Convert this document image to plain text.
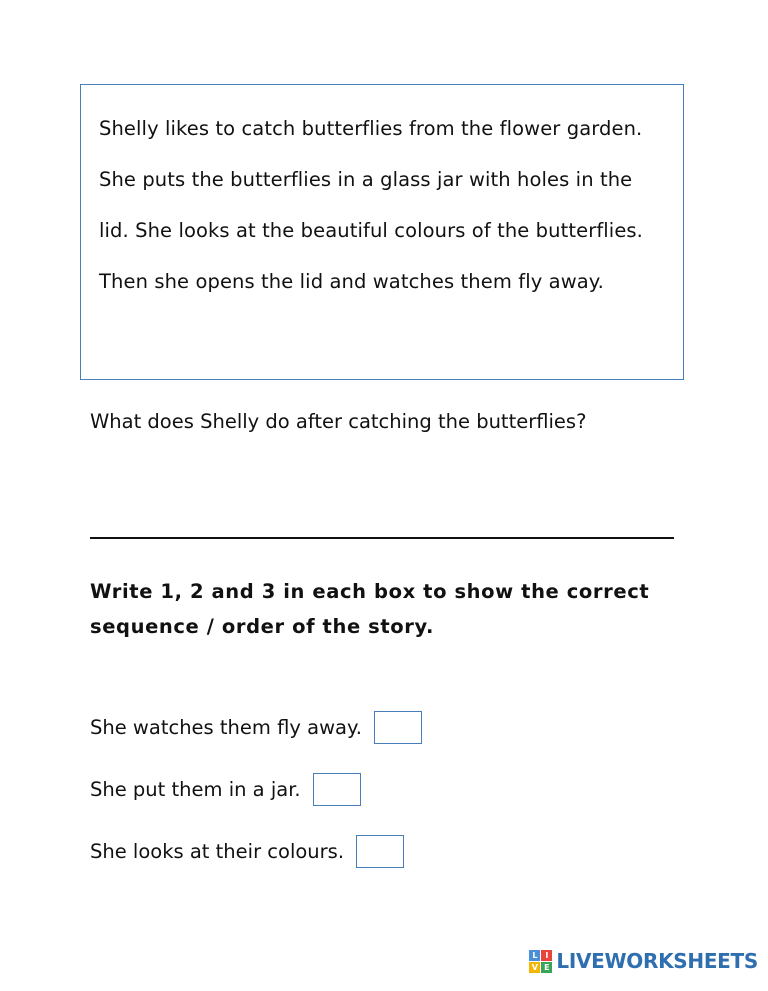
Shelly likes to catch butterflies from the flower garden. She puts the butterflies in a glass jar with holes in the lid. She looks at the beautiful colours of the butterflies. Then she opens the lid and watches them fly away.
What does Shelly do after catching the butterflies?
Write 1, 2 and 3 in each box to show the correct sequence / order of the story.
She watches them fly away.
She put them in a jar.
She looks at their colours.
L I
V E LIVEWORKSHEETS
